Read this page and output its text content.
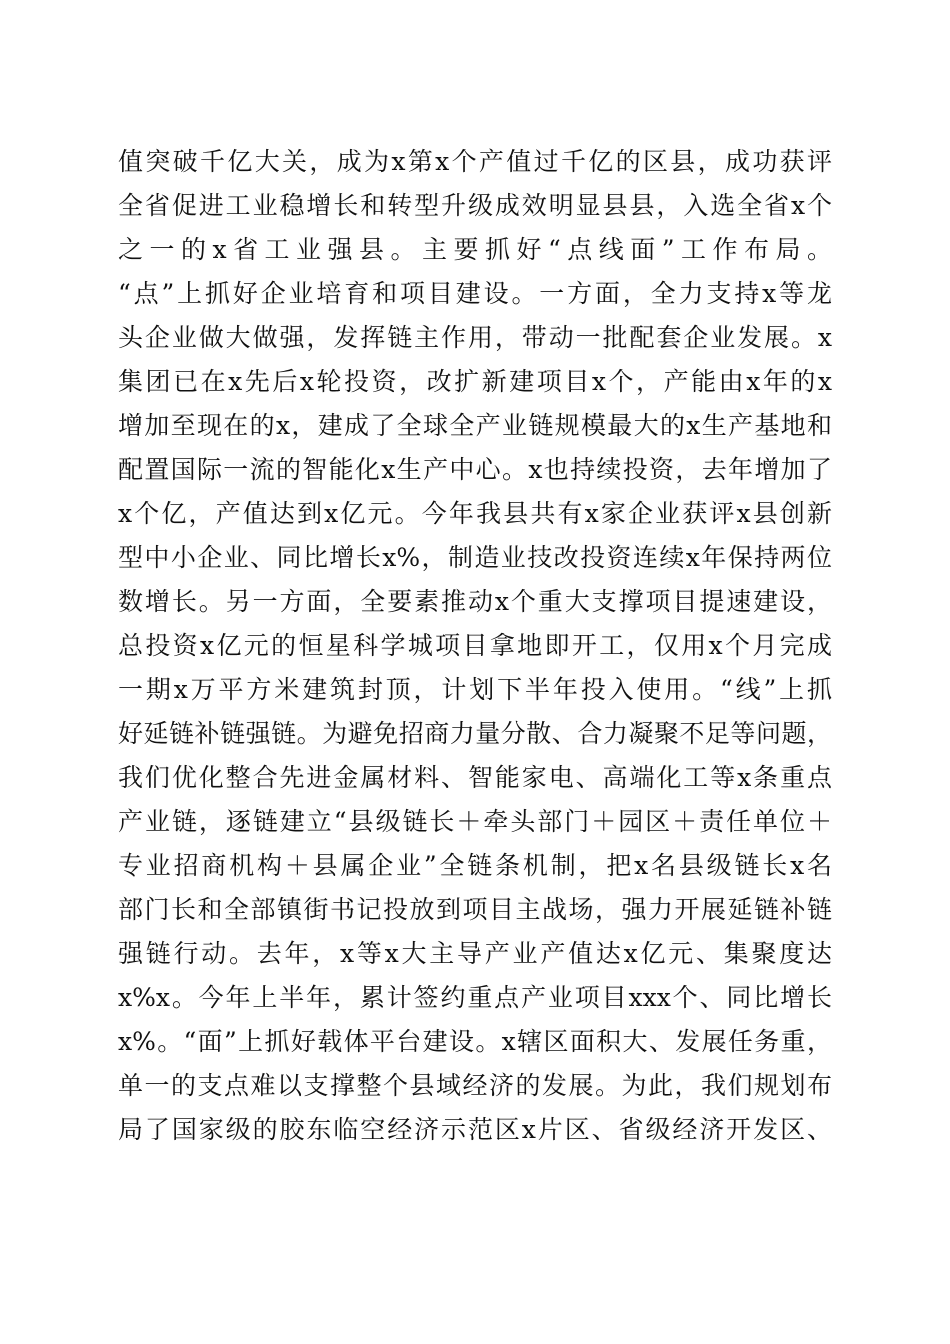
值突破千亿大关，成为x第x个产值过千亿的区县，成功获评
全省促进工业稳增长和转型升级成效明显县县，入选全省x个
之一的x省工业强县。主要抓好“点线面”工作布局。
“点”上抓好企业培育和项目建设。一方面，全力支持x等龙
头企业做大做强，发挥链主作用，带动一批配套企业发展。x
集团已在x先后x轮投资，改扩新建项目x个，产能由x年的x
增加至现在的x，建成了全球全产业链规模最大的x生产基地和
配置国际一流的智能化x生产中心。x也持续投资，去年增加了
x个亿，产值达到x亿元。今年我县共有x家企业获评x县创新
型中小企业、同比增长x%，制造业技改投资连续x年保持两位
数增长。另一方面，全要素推动x个重大支撑项目提速建设，
总投资x亿元的恒星科学城项目拿地即开工，仅用x个月完成
一期x万平方米建筑封顶，计划下半年投入使用。“线”上抓
好延链补链强链。为避免招商力量分散、合力凝聚不足等问题，
我们优化整合先进金属材料、智能家电、高端化工等x条重点
产业链，逐链建立“县级链长＋牵头部门＋园区＋责任单位＋
专业招商机构＋县属企业”全链条机制，把x名县级链长x名
部门长和全部镇街书记投放到项目主战场，强力开展延链补链
强链行动。去年，x等x大主导产业产值达x亿元、集聚度达
x%x。今年上半年，累计签约重点产业项目xxx个、同比增长
x%。“面”上抓好载体平台建设。x辖区面积大、发展任务重，
单一的支点难以支撑整个县域经济的发展。为此，我们规划布
局了国家级的胶东临空经济示范区x片区、省级经济开发区、
